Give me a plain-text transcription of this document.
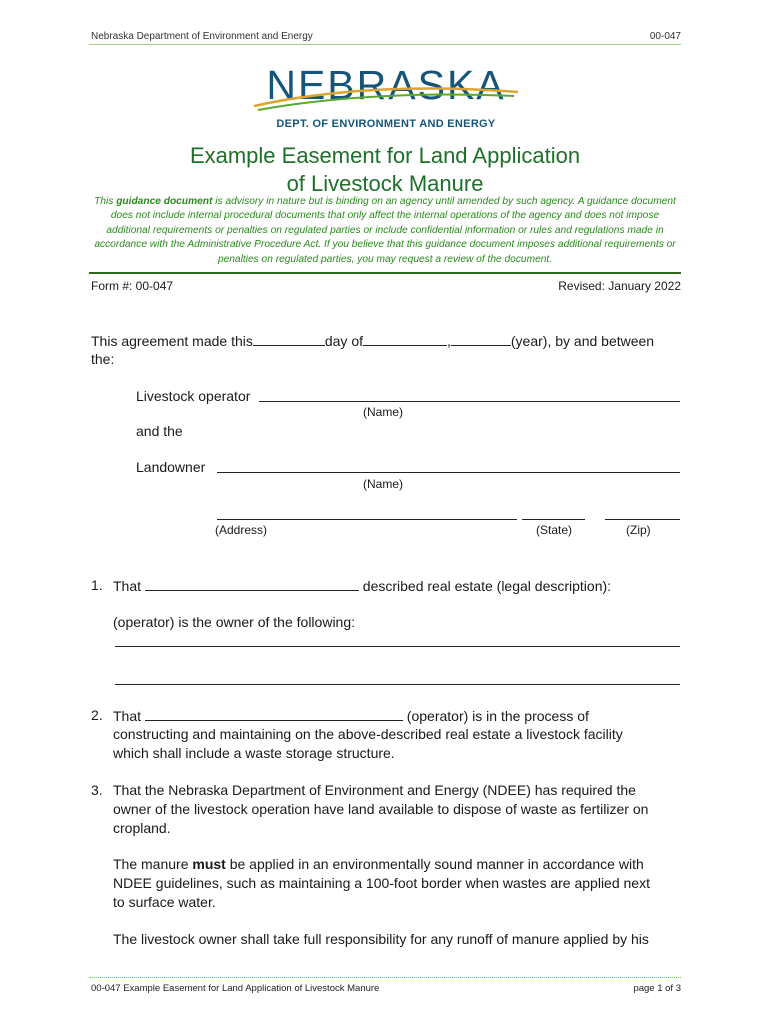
Nebraska Department of Environment and Energy	00-047
NEBRASKA
DEPT. OF ENVIRONMENT AND ENERGY
Example Easement for Land Application
of Livestock Manure
This guidance document is advisory in nature but is binding on an agency until amended by such agency. A guidance document does not include internal procedural documents that only affect the internal operations of the agency and does not impose additional requirements or penalties on regulated parties or include confidential information or rules and regulations made in accordance with the Administrative Procedure Act. If you believe that this guidance document imposes additional requirements or penalties on regulated parties, you may request a review of the document.
Form #: 00-047	Revised: January 2022
This agreement made this	day of	,	(year), by and between
the:
Livestock operator
(Name)
and the
Landowner
(Name)
(Address)	(State)	(Zip)
1. That	described real estate (legal description):
(operator) is the owner of the following:
2. That	(operator) is in the process of
constructing and maintaining on the above-described real estate a livestock facility
which shall include a waste storage structure.
3. That the Nebraska Department of Environment and Energy (NDEE) has required the
owner of the livestock operation have land available to dispose of waste as fertilizer on
cropland.
The manure must be applied in an environmentally sound manner in accordance with
NDEE guidelines, such as maintaining a 100-foot border when wastes are applied next
to surface water.
The livestock owner shall take full responsibility for any runoff of manure applied by his
00-047 Example Easement for Land Application of Livestock Manure	page 1 of 3
